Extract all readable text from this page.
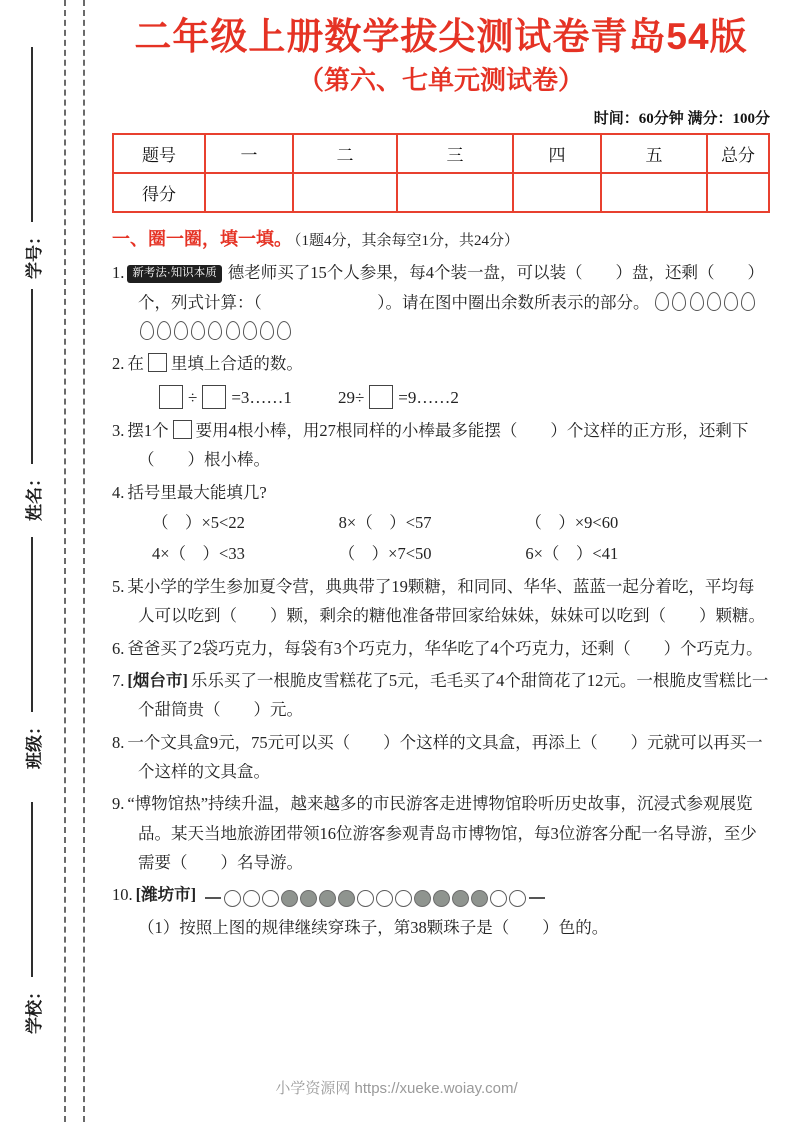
学号：
姓名：
班级：
学校：
二年级上册数学拔尖测试卷青岛54版
（第六、七单元测试卷）
时间：60分钟 满分：100分
题号	一	二	三	四	五	总分
得分						
一、圈一圈，填一填。 （1题4分，其余每空1分，共24分）
1. 新考法·知识本质 德老师买了15个人参果，每4个装一盘，可以装（　　）盘，还剩（　　）个，列式计算：（　　　　　　　）。请在图中圈出余数所表示的部分。
2. 在 里填上合适的数。
÷ =3……1	29÷ =9……2
3. 摆1个 要用4根小棒，用27根同样的小棒最多能摆（　　）个这样的正方形，还剩下（　　）根小棒。
4. 括号里最大能填几?
（　）×5<22	8×（　）<57	（　）×9<60
4×（　）<33	（　）×7<50	6×（　）<41
5. 某小学的学生参加夏令营，典典带了19颗糖，和同同、华华、蓝蓝一起分着吃，平均每人可以吃到（　　）颗，剩余的糖他准备带回家给妹妹，妹妹可以吃到（　　）颗糖。
6. 爸爸买了2袋巧克力，每袋有3个巧克力，华华吃了4个巧克力，还剩（　　）个巧克力。
7. [烟台市] 乐乐买了一根脆皮雪糕花了5元，毛毛买了4个甜筒花了12元。一根脆皮雪糕比一个甜筒贵（　　）元。
8. 一个文具盒9元，75元可以买（　　）个这样的文具盒，再添上（　　）元就可以再买一个这样的文具盒。
9. “博物馆热”持续升温，越来越多的市民游客走进博物馆聆听历史故事，沉浸式参观展览品。某天当地旅游团带领16位游客参观青岛市博物馆，每3位游客分配一名导游，至少需要（　　）名导游。
10. [潍坊市]
（1）按照上图的规律继续穿珠子，第38颗珠子是（　　）色的。
小学资源网 https://xueke.woiay.com/
